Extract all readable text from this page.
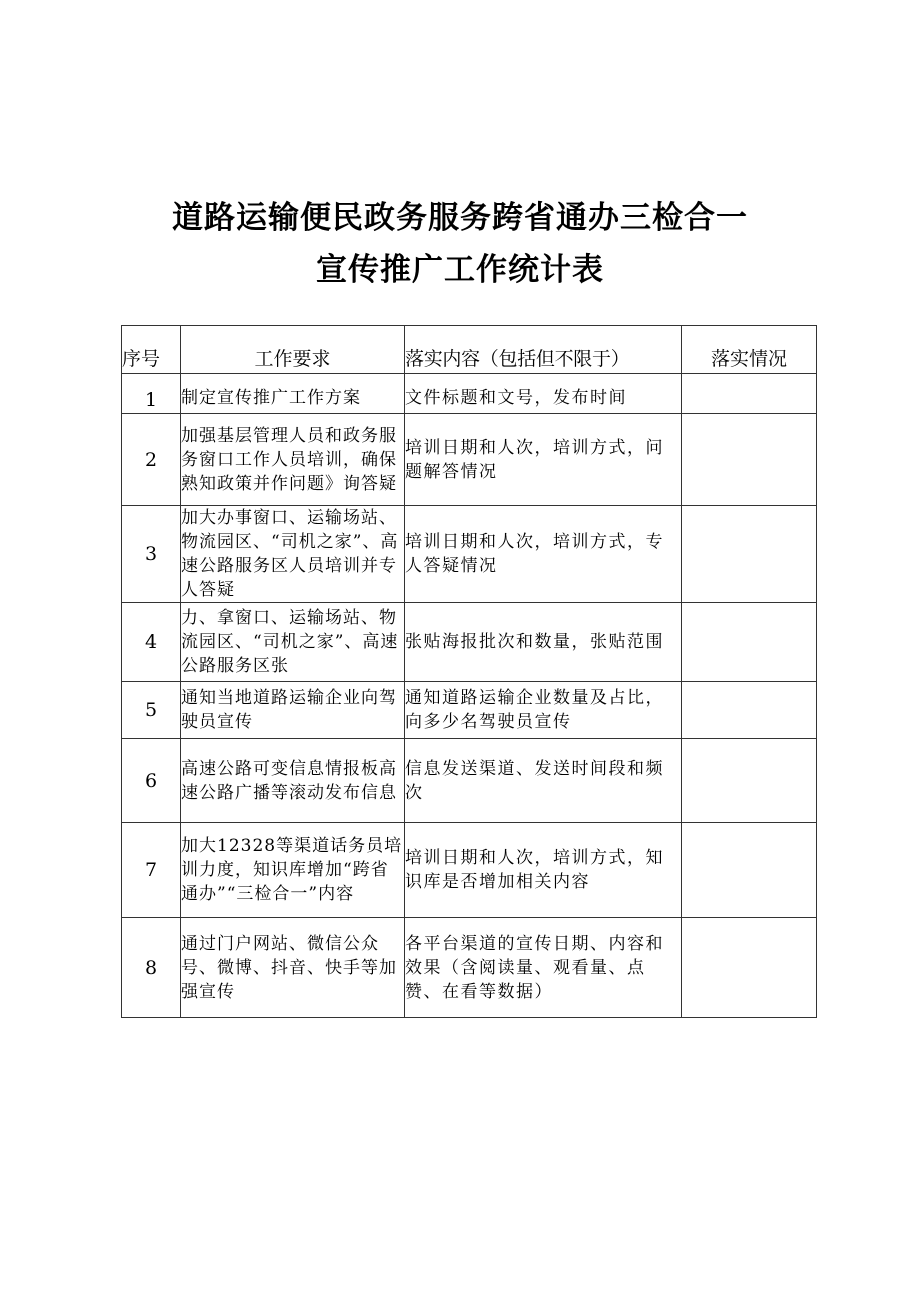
道路运输便民政务服务跨省通办三检合一
宣传推广工作统计表
序号	工作要求	落实内容（包括但不限于）	落实情况
1	制定宣传推广工作方案	文件标题和文号，发布时间	

2	加强基层管理人员和政务服务窗口工作人员培训，确保熟知政策并作问题》询答疑	培训日期和人次，培训方式，问题解答情况	

3	加大办事窗口、运输场站、物流园区、“司机之家”、高速公路服务区人员培训并专人答疑	培训日期和人次，培训方式，专人答疑情况	

4	力、拿窗口、运输场站、物流园区、“司机之家”、高速公路服务区张	张贴海报批次和数量，张贴范围	

5	通知当地道路运输企业向驾驶员宣传	通知道路运输企业数量及占比，向多少名驾驶员宣传	

6	高速公路可变信息情报板高速公路广播等滚动发布信息	信息发送渠道、发送时间段和频次	

7	加大12328等渠道话务员培训力度，知识库增加“跨省通办”“三检合一”内容	培训日期和人次，培训方式，知识库是否增加相关内容	

8	通过门户网站、微信公众号、微博、抖音、快手等加强宣传	各平台渠道的宣传日期、内容和效果（含阅读量、观看量、点赞、在看等数据）	
